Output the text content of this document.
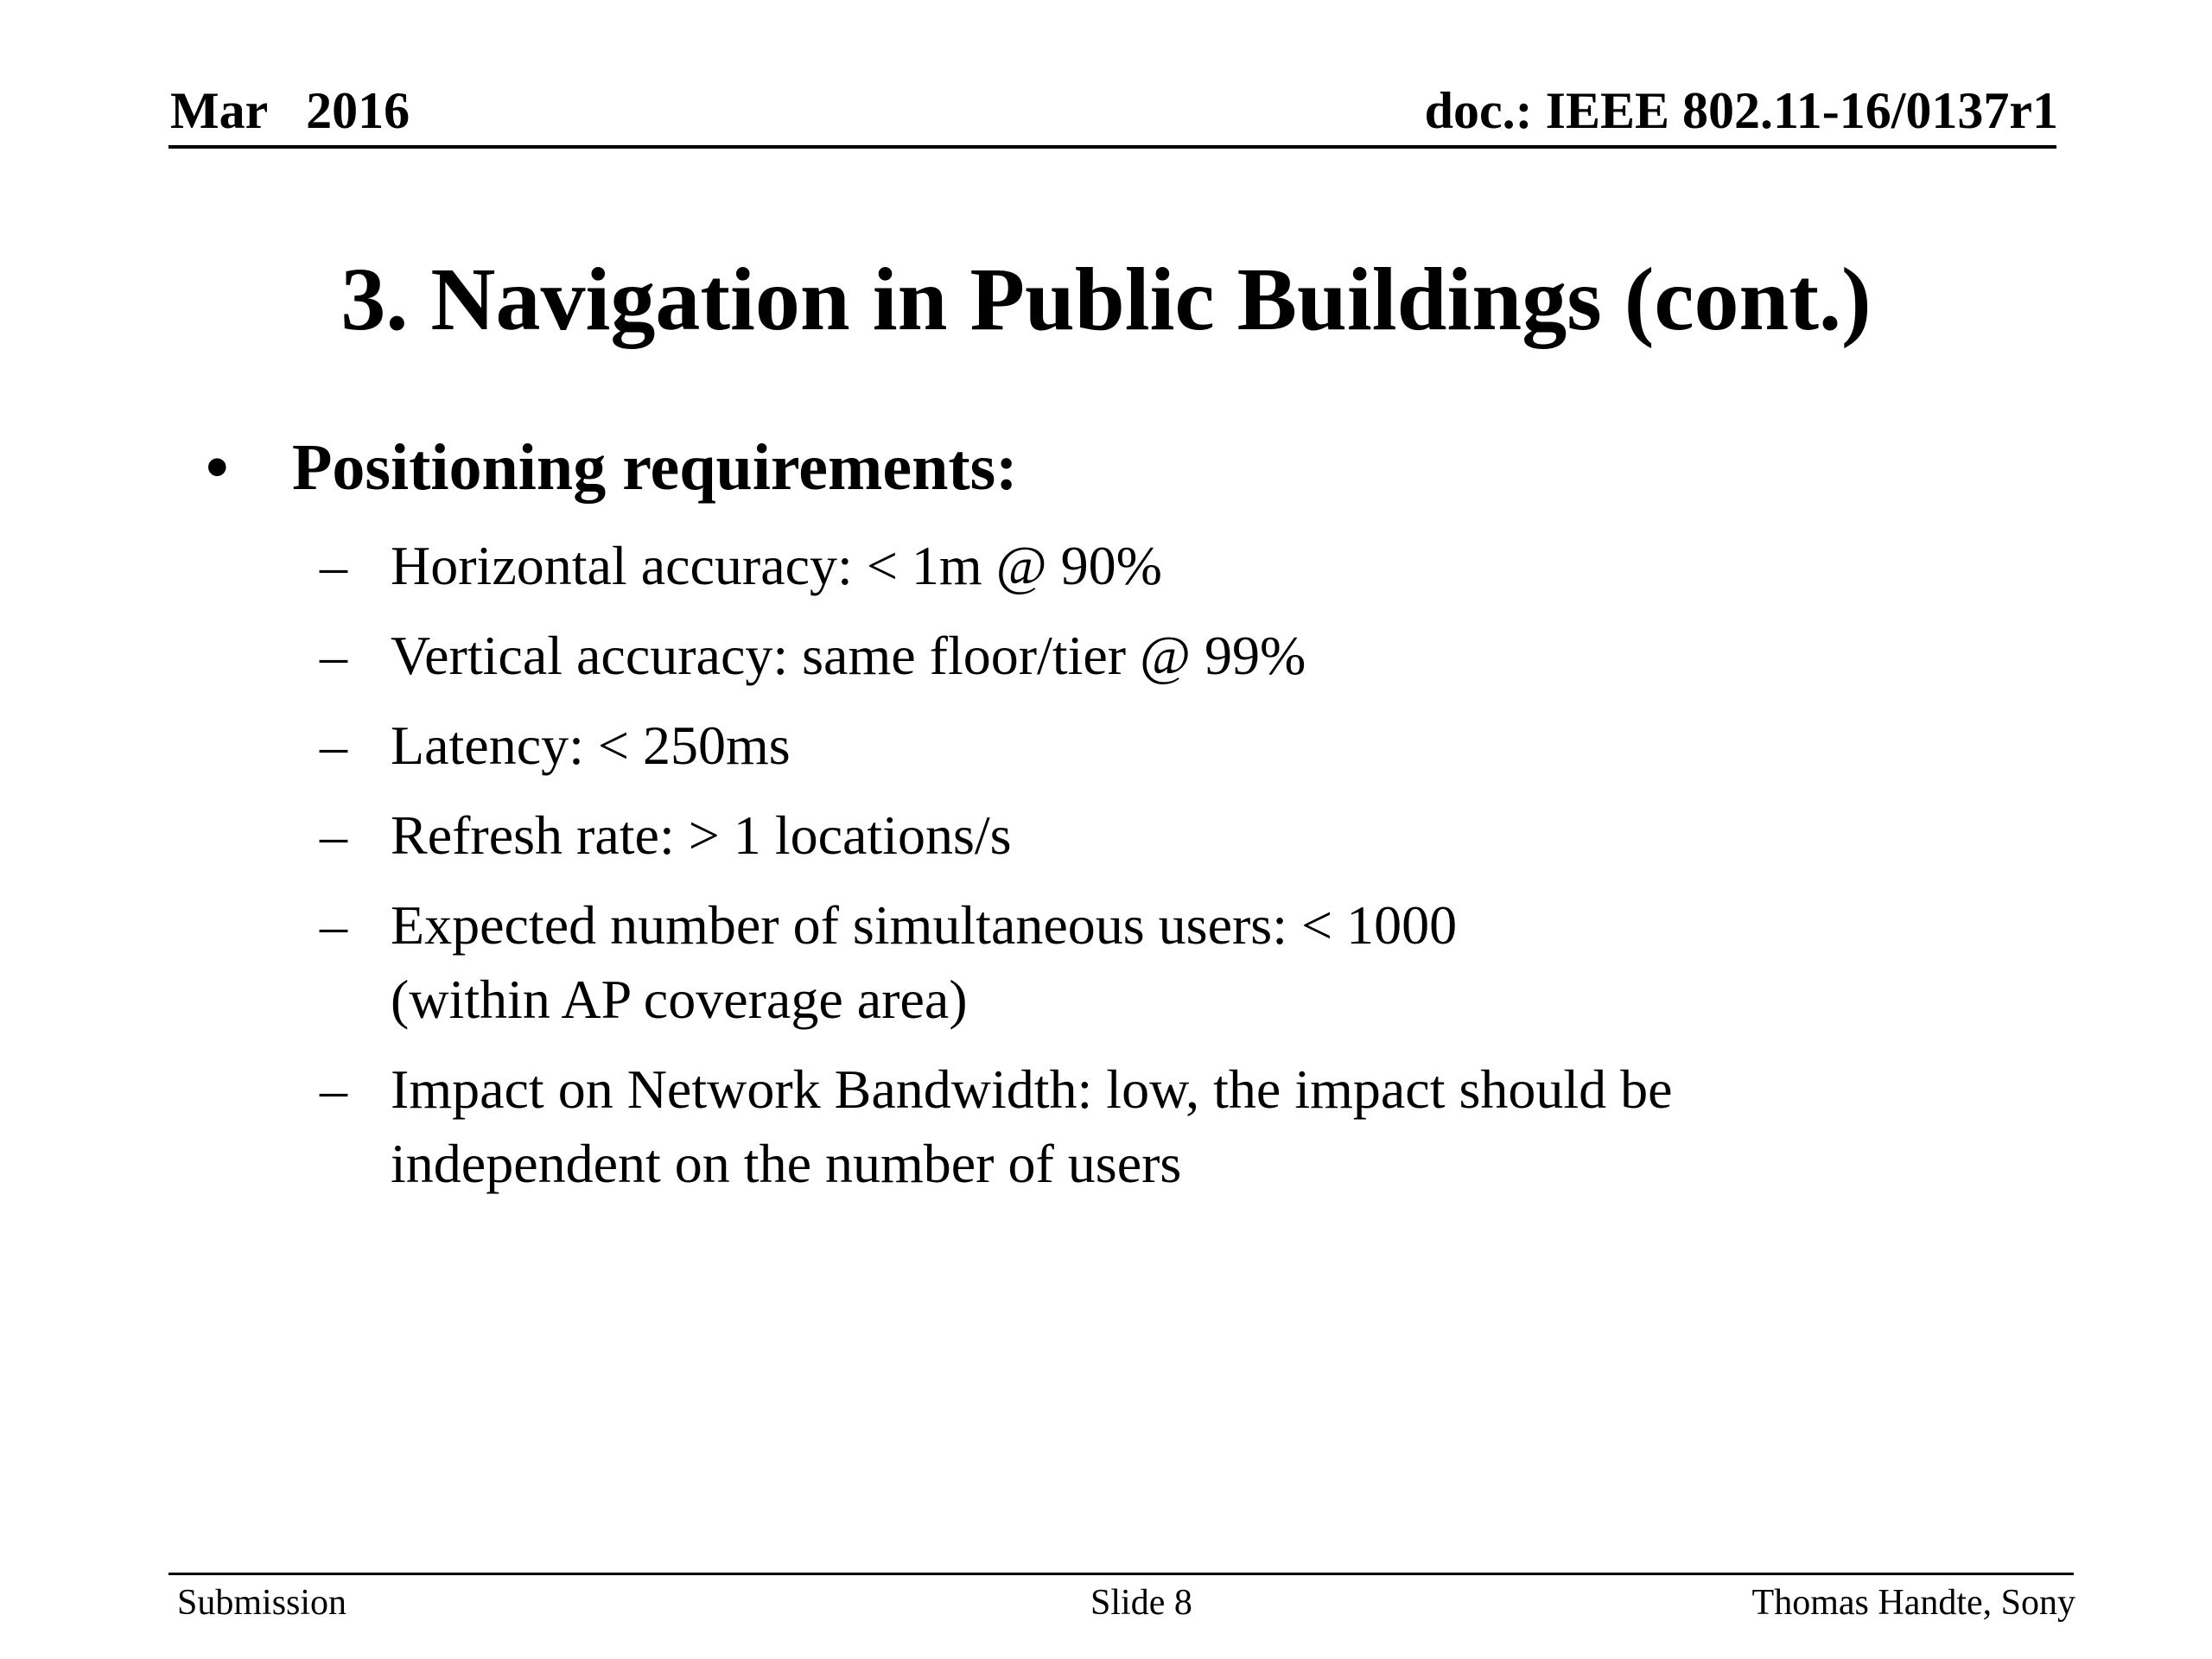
Mar   2016	doc.: IEEE 802.11-16/0137r1
3. Navigation in Public Buildings (cont.)
• Positioning requirements:
– Horizontal accuracy: < 1m @ 90%
– Vertical accuracy: same floor/tier @ 99%
– Latency: < 250ms
– Refresh rate: > 1 locations/s
– Expected number of simultaneous users: < 1000
(within AP coverage area)
– Impact on Network Bandwidth: low, the impact should be
independent on the number of users
Submission	Slide 8	Thomas Handte, Sony
